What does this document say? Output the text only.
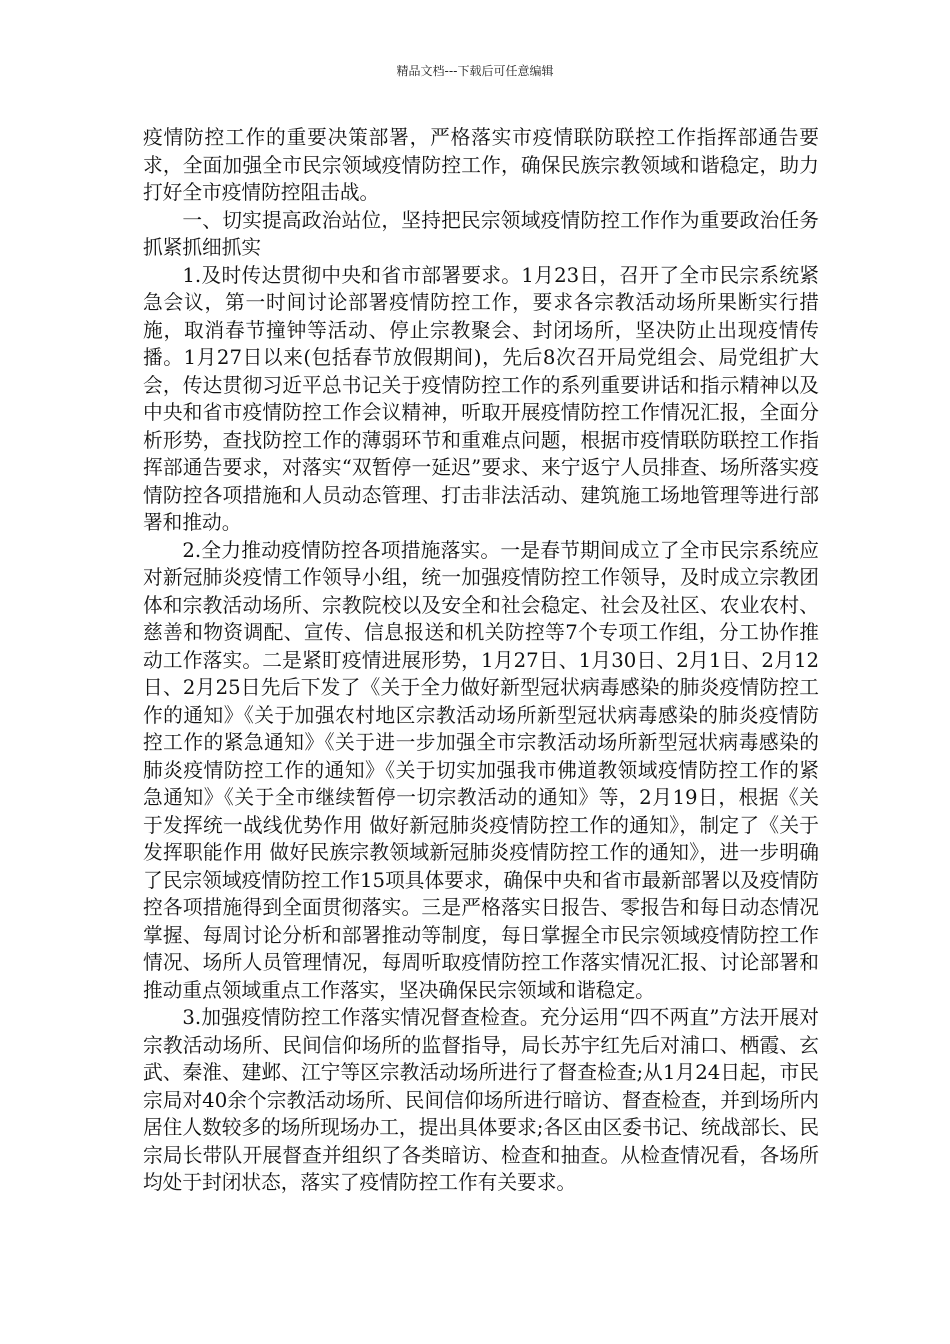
精品文档---下载后可任意编辑

疫情防控工作的重要决策部署，严格落实市疫情联防联控工作指挥部通告要求，全面加强全市民宗领域疫情防控工作，确保民族宗教领域和谐稳定，助力打好全市疫情防控阻击战。

一、切实提高政治站位，坚持把民宗领域疫情防控工作作为重要政治任务抓紧抓细抓实

1.及时传达贯彻中央和省市部署要求。1月23日，召开了全市民宗系统紧急会议，第一时间讨论部署疫情防控工作，要求各宗教活动场所果断实行措施，取消春节撞钟等活动、停止宗教聚会、封闭场所，坚决防止出现疫情传播。1月27日以来(包括春节放假期间)，先后8次召开局党组会、局党组扩大会，传达贯彻习近平总书记关于疫情防控工作的系列重要讲话和指示精神以及中央和省市疫情防控工作会议精神，听取开展疫情防控工作情况汇报，全面分析形势，查找防控工作的薄弱环节和重难点问题，根据市疫情联防联控工作指挥部通告要求，对落实“双暂停一延迟”要求、来宁返宁人员排查、场所落实疫情防控各项措施和人员动态管理、打击非法活动、建筑施工场地管理等进行部署和推动。

2.全力推动疫情防控各项措施落实。一是春节期间成立了全市民宗系统应对新冠肺炎疫情工作领导小组，统一加强疫情防控工作领导，及时成立宗教团体和宗教活动场所、宗教院校以及安全和社会稳定、社会及社区、农业农村、慈善和物资调配、宣传、信息报送和机关防控等7个专项工作组，分工协作推动工作落实。二是紧盯疫情进展形势，1月27日、1月30日、2月1日、2月12日、2月25日先后下发了《关于全力做好新型冠状病毒感染的肺炎疫情防控工作的通知》《关于加强农村地区宗教活动场所新型冠状病毒感染的肺炎疫情防控工作的紧急通知》《关于进一步加强全市宗教活动场所新型冠状病毒感染的肺炎疫情防控工作的通知》《关于切实加强我市佛道教领域疫情防控工作的紧急通知》《关于全市继续暂停一切宗教活动的通知》等，2月19日，根据《关于发挥统一战线优势作用 做好新冠肺炎疫情防控工作的通知》，制定了《关于发挥职能作用 做好民族宗教领域新冠肺炎疫情防控工作的通知》，进一步明确了民宗领域疫情防控工作15项具体要求，确保中央和省市最新部署以及疫情防控各项措施得到全面贯彻落实。三是严格落实日报告、零报告和每日动态情况掌握、每周讨论分析和部署推动等制度，每日掌握全市民宗领域疫情防控工作情况、场所人员管理情况，每周听取疫情防控工作落实情况汇报、讨论部署和推动重点领域重点工作落实，坚决确保民宗领域和谐稳定。

3.加强疫情防控工作落实情况督查检查。充分运用“四不两直”方法开展对宗教活动场所、民间信仰场所的监督指导，局长苏宇红先后对浦口、栖霞、玄武、秦淮、建邺、江宁等区宗教活动场所进行了督查检查;从1月24日起，市民宗局对40余个宗教活动场所、民间信仰场所进行暗访、督查检查，并到场所内居住人数较多的场所现场办工，提出具体要求;各区由区委书记、统战部长、民宗局长带队开展督查并组织了各类暗访、检查和抽查。从检查情况看，各场所均处于封闭状态，落实了疫情防控工作有关要求。
